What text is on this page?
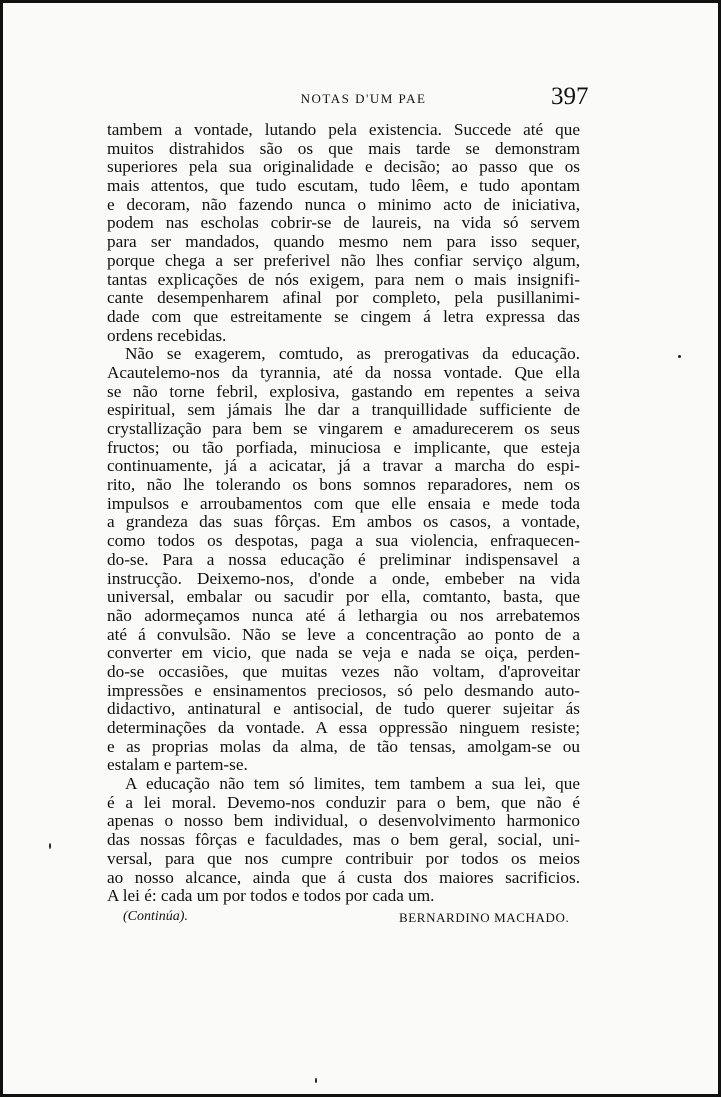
NOTAS D'UM PAE	397
tambem a vontade, lutando pela existencia. Succede até que
muitos distrahidos são os que mais tarde se demonstram
superiores pela sua originalidade e decisão; ao passo que os
mais attentos, que tudo escutam, tudo lêem, e tudo apontam
e decoram, não fazendo nunca o minimo acto de iniciativa,
podem nas escholas cobrir-se de laureis, na vida só servem
para ser mandados, quando mesmo nem para isso sequer,
porque chega a ser preferivel não lhes confiar serviço algum,
tantas explicações de nós exigem, para nem o mais insignifi-
cante desempenharem afinal por completo, pela pusillanimi-
dade com que estreitamente se cingem á letra expressa das
ordens recebidas.
Não se exagerem, comtudo, as prerogativas da educação.
Acautelemo-nos da tyrannia, até da nossa vontade. Que ella
se não torne febril, explosiva, gastando em repentes a seiva
espiritual, sem jámais lhe dar a tranquillidade sufficiente de
crystallização para bem se vingarem e amadurecerem os seus
fructos; ou tão porfiada, minuciosa e implicante, que esteja
continuamente, já a acicatar, já a travar a marcha do espi-
rito, não lhe tolerando os bons somnos reparadores, nem os
impulsos e arroubamentos com que elle ensaia e mede toda
a grandeza das suas fôrças. Em ambos os casos, a vontade,
como todos os despotas, paga a sua violencia, enfraquecen-
do-se. Para a nossa educação é preliminar indispensavel a
instrucção. Deixemo-nos, d'onde a onde, embeber na vida
universal, embalar ou sacudir por ella, comtanto, basta, que
não adormeçamos nunca até á lethargia ou nos arrebatemos
até á convulsão. Não se leve a concentração ao ponto de a
converter em vicio, que nada se veja e nada se oiça, perden-
do-se occasiões, que muitas vezes não voltam, d'aproveitar
impressões e ensinamentos preciosos, só pelo desmando auto-
didactivo, antinatural e antisocial, de tudo querer sujeitar ás
determinações da vontade. A essa oppressão ninguem resiste;
e as proprias molas da alma, de tão tensas, amolgam-se ou
estalam e partem-se.
A educação não tem só limites, tem tambem a sua lei, que
é a lei moral. Devemo-nos conduzir para o bem, que não é
apenas o nosso bem individual, o desenvolvimento harmonico
das nossas fôrças e faculdades, mas o bem geral, social, uni-
versal, para que nos cumpre contribuir por todos os meios
ao nosso alcance, ainda que á custa dos maiores sacrificios.
A lei é: cada um por todos e todos por cada um.
(Continúa).	BERNARDINO MACHADO.
